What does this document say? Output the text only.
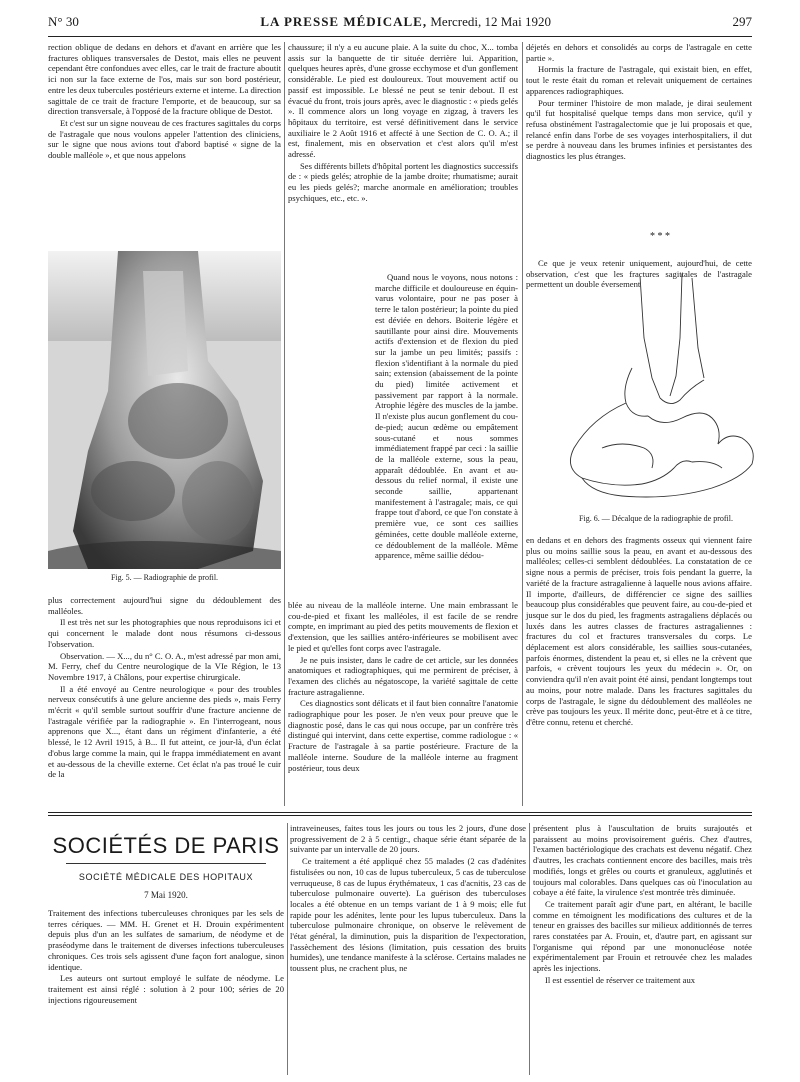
N° 30	LA PRESSE MÉDICALE, Mercredi, 12 Mai 1920	297

rection oblique de dedans en dehors et d'avant en arrière que les fractures obliques transversales de Destot, mais elles ne peuvent cependant être confondues avec elles, car le trait de fracture aboutit ici non sur la face externe de l'os, mais sur son bord postérieur, entre les deux tubercules postérieurs externe et interne. La direction sagittale de ce trait de fracture l'emporte, et de beaucoup, sur sa direction transversale, à l'opposé de la fracture oblique de Destot.

Et c'est sur un signe nouveau de ces fractures sagittales du corps de l'astragale que nous voulons appeler l'attention des cliniciens, sur le signe que nous avions tout d'abord baptisé « signe de la double malléole », et que nous appelons

Fig. 5. — Radiographie de profil.

plus correctement aujourd'hui signe du dédoublement des malléoles.

Il est très net sur les photographies que nous reproduisons ici et qui concernent le malade dont nous résumons ci-dessous l'observation.

Observation. — X..., du n° C. O. A., m'est adressé par mon ami, M. Ferry, chef du Centre neurologique de la VIe Région, le 13 Novembre 1917, à Châlons, pour expertise chirurgicale.

Il a été envoyé au Centre neurologique « pour des troubles nerveux consécutifs à une gelure ancienne des pieds », mais Ferry m'écrit « qu'il semble surtout souffrir d'une fracture ancienne de l'astragale vérifiée par la radiographie ». En l'interrogeant, nous apprenons que X..., étant dans un régiment d'infanterie, a été blessé, le 12 Avril 1915, à B... Il fut atteint, ce jour-là, d'un éclat d'obus large comme la main, qui le frappa immédiatement en avant et au-dessous de la cheville externe. Cet éclat n'a pas troué le cuir de la

chaussure; il n'y a eu aucune plaie. A la suite du choc, X... tomba assis sur la banquette de tir située derrière lui. Apparition, quelques heures après, d'une grosse ecchymose et d'un gonflement considérable. Le pied est douloureux. Tout mouvement actif ou passif est impossible. Le blessé ne peut se tenir debout. Il est évacué du front, trois jours après, avec le diagnostic : « pieds gelés ». Il commence alors un long voyage en zigzag, à travers les hôpitaux du territoire, est versé définitivement dans le service auxiliaire le 2 Août 1916 et affecté à une Section de C. O. A.; il est, finalement, mis en observation et c'est alors qu'il m'est adressé.

Ses différents billets d'hôpital portent les diagnostics successifs de : « pieds gelés; atrophie de la jambe droite; rhumatisme; aurait eu les pieds gelés?; marche anormale en amélioration; troubles psychiques, etc., etc. ».

Quand nous le voyons, nous notons : marche difficile et douloureuse en équin-varus volontaire, pour ne pas poser à terre le talon postérieur; la pointe du pied est déviée en dehors. Boiterie légère et sautillante pour ainsi dire. Mouvements actifs d'extension et de flexion du pied sur la jambe un peu limités; passifs : flexion s'identifiant à la normale du pied sain; extension (abaissement de la pointe du pied) limitée activement et passivement par rapport à la normale. Atrophie légère des muscles de la jambe. Il n'existe plus aucun gonflement du cou-de-pied; aucun œdème ou empâtement sous-cutané et nous sommes immédiatement frappé par ceci : la saillie de la malléole externe, sous la peau, apparaît dédoublée. En avant et au-dessous du relief normal, il existe une seconde saillie, appartenant manifestement à l'astragale; mais, ce qui frappe tout d'abord, ce que l'on constate à première vue, ce sont ces saillies géminées, cette double malléole externe, ce dédoublement de la malléole. Même apparence, même saillie dédou-

blée au niveau de la malléole interne. Une main embrassant le cou-de-pied et fixant les malléoles, il est facile de se rendre compte, en imprimant au pied des petits mouvements de flexion et d'extension, que les saillies antéro-inférieures se mobilisent avec le pied et qu'elles font corps avec l'astragale.

Je ne puis insister, dans le cadre de cet article, sur les données anatomiques et radiographiques, qui me permirent de préciser, à l'examen des clichés au négatoscope, la variété sagittale de cette fracture astragalienne.

Ces diagnostics sont délicats et il faut bien connaître l'anatomie radiographique pour les poser. Je n'en veux pour preuve que le diagnostic posé, dans le cas qui nous occupe, par un confrère très distingué qui intervint, dans cette expertise, comme radiologue : « Fracture de l'astragale à sa partie postérieure. Fracture de la malléole interne. Soudure de la malléole interne au fragment postérieur, tous deux

déjetés en dehors et consolidés au corps de l'astragale en cette partie ».

Hormis la fracture de l'astragale, qui existait bien, en effet, tout le reste était du roman et relevait uniquement de certaines apparences radiographiques.

Pour terminer l'histoire de mon malade, je dirai seulement qu'il fut hospitalisé quelque temps dans mon service, qu'il y refusa obstinément l'astragalectomie que je lui proposais et que, relancé enfin dans l'orbe de ses voyages interhospitaliers, il dut se perdre à nouveau dans les brumes infinies et persistantes des diagnostics les plus étranges.

* * *

Ce que je veux retenir uniquement, aujourd'hui, de cette observation, c'est que les fractures sagittales de l'astragale permettent un double éversement

Fig. 6. — Décalque de la radiographie de profil.

en dedans et en dehors des fragments osseux qui viennent faire plus ou moins saillie sous la peau, en avant et au-dessous des malléoles; celles-ci semblent dédoublées. La constatation de ce signe nous a permis de préciser, trois fois pendant la guerre, la variété de la fracture astragalienne à laquelle nous avions affaire. Il importe, d'ailleurs, de différencier ce signe des saillies beaucoup plus considérables que peuvent faire, au cou-de-pied et jusque sur le dos du pied, les fragments astragaliens déplacés ou luxés dans les autres classes de fractures astragaliennes : fractures du col et fractures transversales du corps. Le déplacement est alors considérable, les saillies sous-cutanées, parfois énormes, distendent la peau et, si elles ne la crèvent que parfois, « crèvent toujours les yeux du médecin ». Or, on conviendra qu'il n'en avait point été ainsi, pendant longtemps tout au moins, pour notre malade. Dans les fractures sagittales du corps de l'astragale, le signe du dédoublement des malléoles ne crève pas toujours les yeux. Il mérite donc, peut-être et à ce titre, d'être connu, retenu et cherché.

SOCIÉTÉS DE PARIS
SOCIÉTÉ MÉDICALE DES HOPITAUX
7 Mai 1920.

Traitement des infections tuberculeuses chroniques par les sels de terres cériques. — MM. H. Grenet et H. Drouin expérimentent depuis plus d'un an les sulfates de samarium, de néodyme et de praséodyme dans le traitement de diverses infections tuberculeuses chroniques. Ces trois sels agissent d'une façon fort analogue, sinon identique.

Les auteurs ont surtout employé le sulfate de néodyme. Le traitement est ainsi réglé : solution à 2 pour 100; séries de 20 injections rigoureusement

intraveineuses, faites tous les jours ou tous les 2 jours, d'une dose progressivement de 2 à 5 centigr., chaque série étant séparée de la suivante par un intervalle de 20 jours.

Ce traitement a été appliqué chez 55 malades (2 cas d'adénites fistulisées ou non, 10 cas de lupus tuberculeux, 5 cas de tuberculose verruqueuse, 8 cas de lupus érythémateux, 1 cas d'acnitis, 23 cas de tuberculose pulmonaire ouverte). La guérison des tuberculoses locales a été obtenue en un temps variant de 1 à 9 mois; elle fut rapide pour les adénites, lente pour les lupus tuberculeux. Dans la tuberculose pulmonaire chronique, on observe le relèvement de l'état général, la diminution, puis la disparition de l'expectoration, l'assèchement des lésions (limitation, puis cessation des bruits humides), une tendance manifeste à la sclérose. Certains malades ne toussent plus, ne crachent plus, ne

présentent plus à l'auscultation de bruits surajoutés et paraissent au moins provisoirement guéris. Chez d'autres, l'examen bactériologique des crachats est devenu négatif. Chez d'autres, les crachats contiennent encore des bacilles, mais très modifiés, longs et grêles ou courts et granuleux, agglutinés et toujours mal colorables. Dans quelques cas où l'inoculation au cobaye a été faite, la virulence s'est montrée très diminuée.

Ce traitement paraît agir d'une part, en altérant, le bacille comme en témoignent les modifications des cultures et de la teneur en graisses des bacilles sur milieux additionnés de terres rares constatées par A. Frouin, et, d'autre part, en agissant sur l'organisme qui répond par une mononucléose notée expérimentalement par Frouin et retrouvée chez les malades après les injections.

Il est essentiel de réserver ce traitement aux
